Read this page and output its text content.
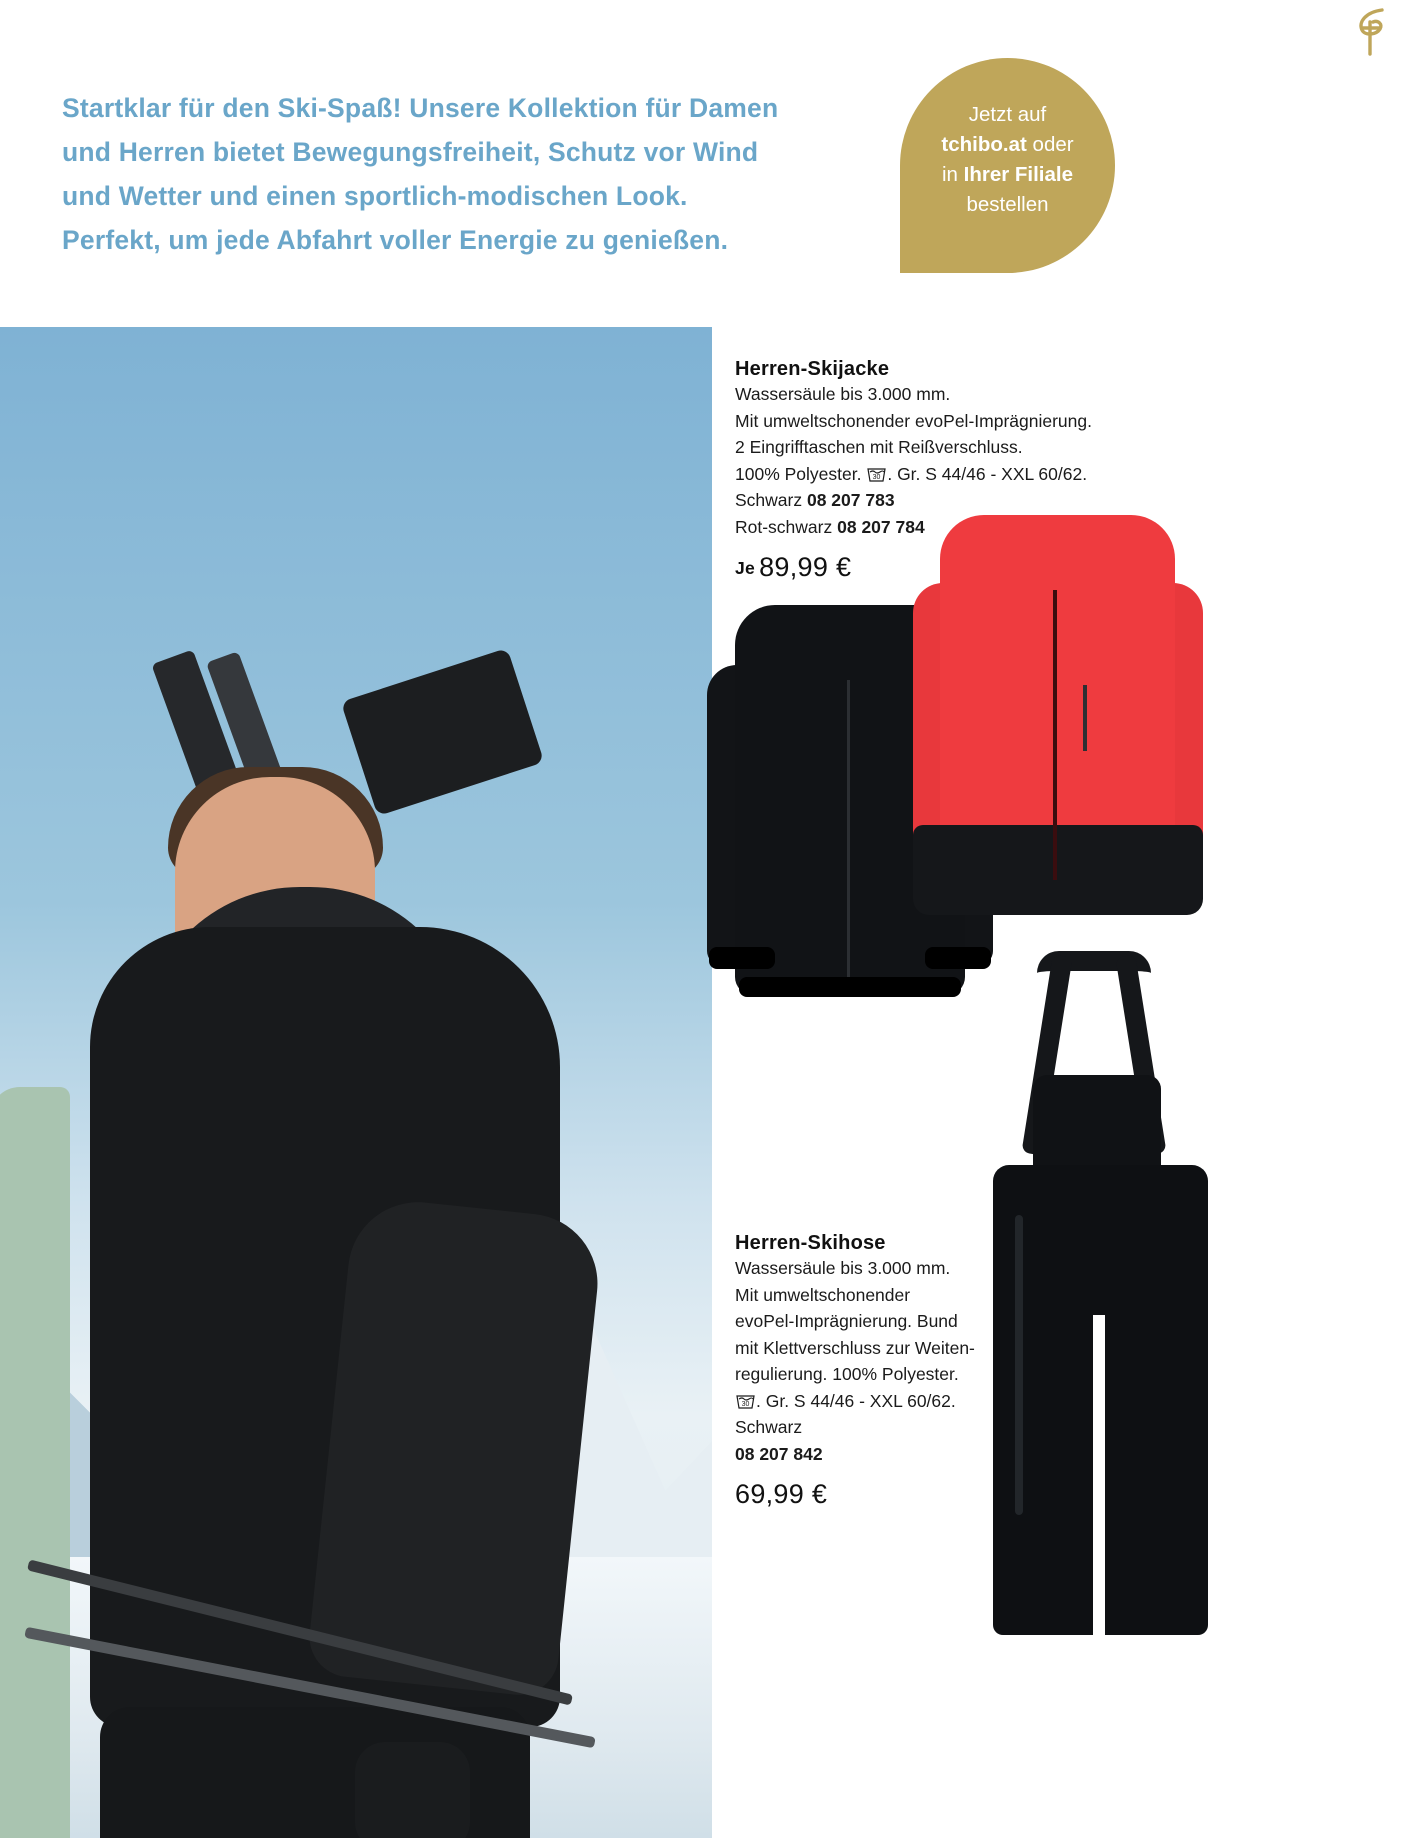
Startklar für den Ski-Spaß! Unsere Kollektion für Damen
und Herren bietet Bewegungsfreiheit, Schutz vor Wind
und Wetter und einen sportlich-modischen Look.
Perfekt, um jede Abfahrt voller Energie zu genießen.
Jetzt auf
tchibo.at oder
in Ihrer Filiale
bestellen
Herren-Skijacke
Wassersäule bis 3.000 mm.
Mit umweltschonender evoPel-Imprägnierung.
2 Eingrifftaschen mit Reißverschluss.
100% Polyester. 30 . Gr. S 44/46 - XXL 60/62.
Schwarz 08 207 783
Rot-schwarz 08 207 784
Je 89,99 €
Herren-Skihose
Wassersäule bis 3.000 mm.
Mit umweltschonender
evoPel-Imprägnierung. Bund
mit Klettverschluss zur Weiten-
regulierung. 100% Polyester.
30 . Gr. S 44/46 - XXL 60/62.
Schwarz
08 207 842
69,99 €
